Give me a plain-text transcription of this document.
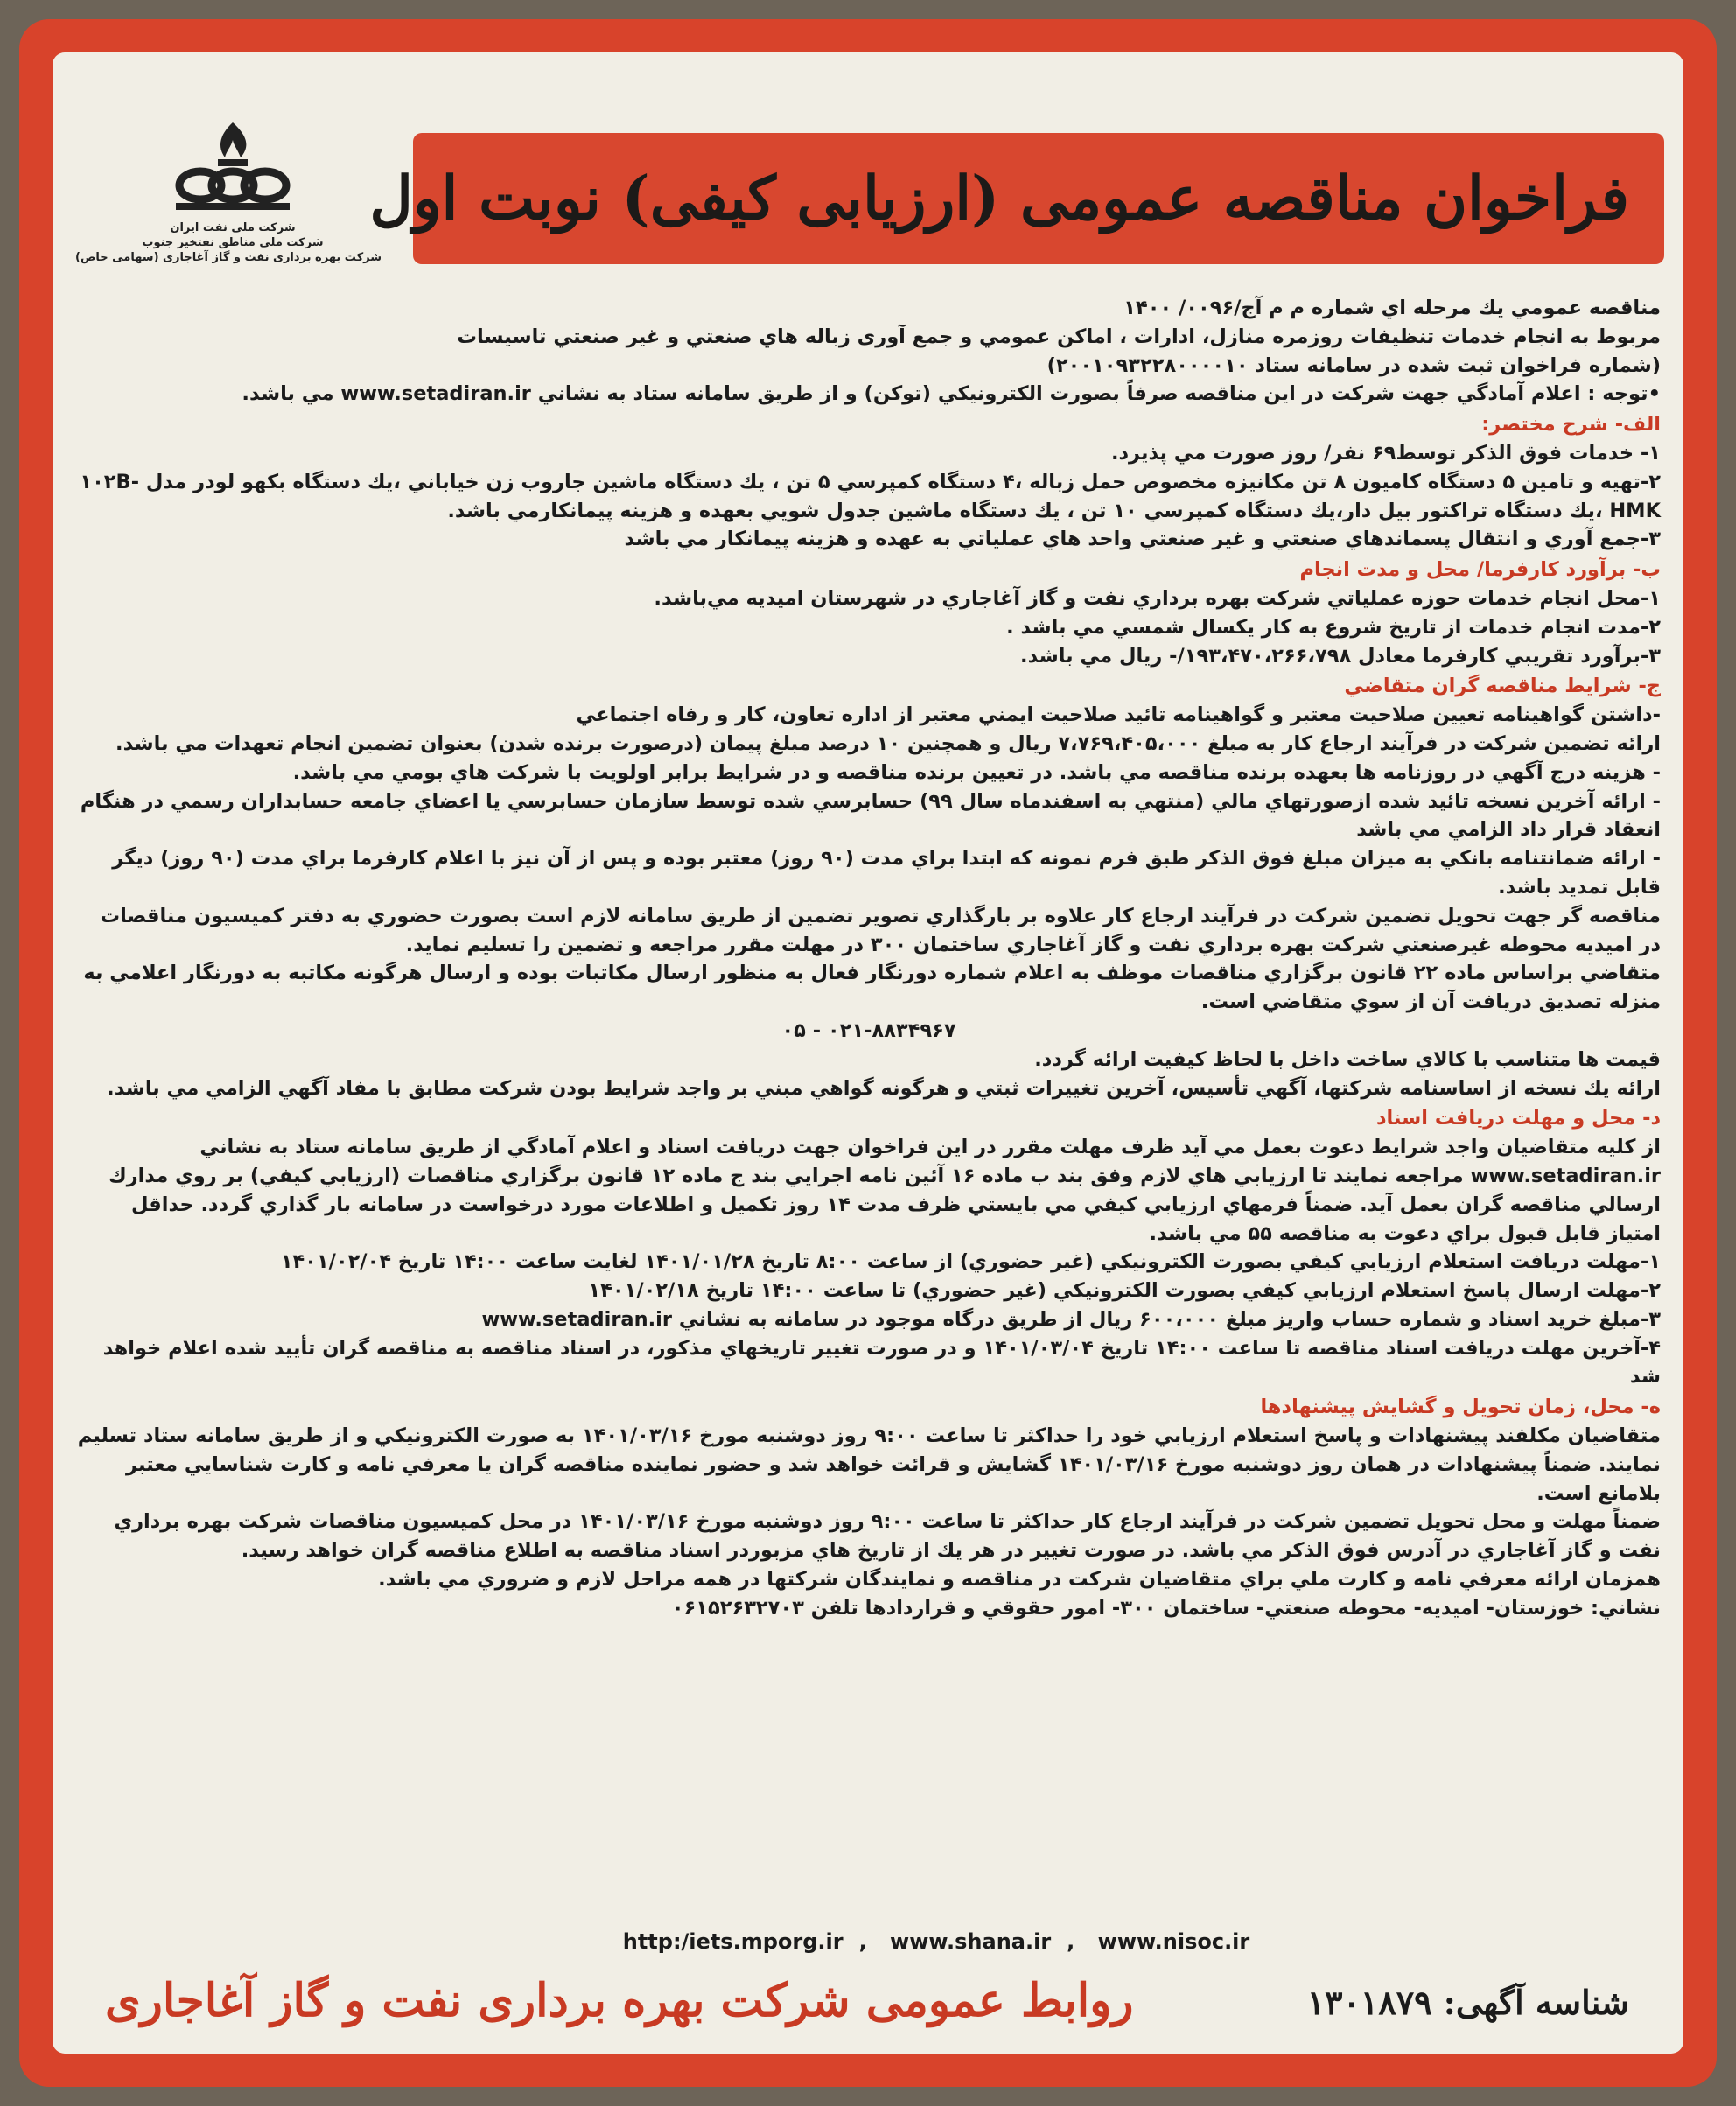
شرکت ملی نفت ایران
شرکت ملی مناطق نفتخیز جنوب
شرکت بهره برداری نفت و گاز آغاجاری (سهامی خاص)
فراخوان مناقصه عمومی (ارزیابی کیفی) نوبت اول

مناقصه عمومي يك مرحله اي شماره م م آج/۰۰۹۶/ ۱۴۰۰

مربوط به انجام خدمات تنظيفات روزمره منازل، ادارات ، اماكن عمومي و جمع آوری زباله هاي صنعتي و غير صنعتي تاسيسات

(شماره فراخوان ثبت شده در سامانه ستاد ۲۰۰۱۰۹۳۲۲۸۰۰۰۰۱۰)

•توجه : اعلام آمادگي جهت شركت در اين مناقصه صرفاً بصورت الكترونيكي (توكن) و از طريق سامانه ستاد به نشاني www.setadiran.ir مي باشد.

الف- شرح مختصر:

۱- خدمات فوق الذكر توسط۶۹ نفر/ روز صورت مي پذيرد.

۲-تهيه و تامين ۵ دستگاه كاميون ۸ تن مكانيزه مخصوص حمل زباله ،۴ دستگاه كمپرسي ۵ تن ، يك دستگاه ماشين جاروب زن خياباني ،يك دستگاه بكهو لودر مدل ۱۰۲B-HMK ،يك دستگاه تراكتور بيل دار،يك دستگاه كمپرسي ۱۰ تن ، يك دستگاه ماشين جدول شويي بعهده و هزينه پيمانكارمي باشد.

۳-جمع آوري و انتقال پسماندهاي صنعتي و غير صنعتي واحد هاي عملياتي به عهده و هزينه پيمانكار مي باشد

ب- برآورد كارفرما/ محل و مدت انجام

۱-محل انجام خدمات حوزه عملياتي شركت بهره برداري نفت و گاز آغاجاري در شهرستان اميديه مي‌باشد.

۲-مدت انجام خدمات از تاريخ شروع به كار يكسال شمسي مي باشد .

۳-برآورد تقريبي كارفرما معادل ۱۹۳،۴۷۰،۲۶۶،۷۹۸/- ريال مي باشد.

ج- شرايط مناقصه گران متقاضي

-داشتن گواهينامه تعيين صلاحيت معتبر و گواهينامه تائيد صلاحيت ايمني معتبر از اداره تعاون، كار و رفاه اجتماعي

ارائه تضمين شركت در فرآيند ارجاع كار به مبلغ ۷،۷۶۹،۴۰۵،۰۰۰ ريال و همچنين ۱۰ درصد مبلغ پيمان (درصورت برنده شدن) بعنوان تضمين انجام تعهدات مي باشد.

- هزينه درج آگهي در روزنامه ها بعهده برنده مناقصه مي باشد. در تعيين برنده مناقصه و در شرايط برابر اولويت با شركت هاي بومي مي باشد.

- ارائه آخرين نسخه تائيد شده ازصورتهاي مالي (منتهي به اسفندماه سال ۹۹) حسابرسي شده توسط سازمان حسابرسي يا اعضاي جامعه حسابداران رسمي در هنگام انعقاد قرار داد الزامي مي باشد

- ارائه ضمانتنامه بانكي به ميزان مبلغ فوق الذكر طبق فرم نمونه كه ابتدا براي مدت (۹۰ روز) معتبر بوده و پس از آن نيز با اعلام كارفرما براي مدت (۹۰ روز) ديگر قابل تمديد باشد.

مناقصه گر جهت تحويل تضمين شركت در فرآيند ارجاع كار علاوه بر بارگذاري تصوير تضمين از طريق سامانه لازم است بصورت حضوري به دفتر كميسيون مناقصات در اميديه محوطه غيرصنعتي شركت بهره برداري نفت و گاز آغاجاري ساختمان ۳۰۰ در مهلت مقرر مراجعه و تضمين را تسليم نمايد.

متقاضي براساس ماده ۲۲ قانون برگزاري مناقصات موظف به اعلام شماره دورنگار فعال به منظور ارسال مكاتبات بوده و ارسال هرگونه مكاتبه به دورنگار اعلامي به منزله تصديق دريافت آن از سوي متقاضي است.

۰۵ - ۰۲۱-۸۸۳۴۹۶۷

قيمت ها متناسب با كالاي ساخت داخل با لحاظ كيفيت ارائه گردد.

ارائه يك نسخه از اساسنامه شركتها، آگهي تأسيس، آخرين تغييرات ثبتي و هرگونه گواهي مبني بر واجد شرايط بودن شركت مطابق با مفاد آگهي الزامي مي باشد.

د- محل و مهلت دريافت اسناد

از كليه متقاضيان واجد شرايط دعوت بعمل مي آيد ظرف مهلت مقرر در اين فراخوان جهت دريافت اسناد و اعلام آمادگي از طريق سامانه ستاد به نشاني www.setadiran.ir مراجعه نمايند تا ارزيابي هاي لازم وفق بند ب ماده ۱۶ آئين نامه اجرايي بند ج ماده ۱۲ قانون برگزاري مناقصات (ارزيابي كيفي) بر روي مدارك ارسالي مناقصه گران بعمل آيد. ضمناً فرمهاي ارزيابي كيفي مي بايستي ظرف مدت ۱۴ روز تكميل و اطلاعات مورد درخواست در سامانه بار گذاري گردد. حداقل امتياز قابل قبول براي دعوت به مناقصه ۵۵ مي باشد.

۱-مهلت دريافت استعلام ارزيابي كيفي بصورت الكترونيكي (غير حضوري) از ساعت ۸:۰۰ تاريخ ۱۴۰۱/۰۱/۲۸ لغايت ساعت ۱۴:۰۰ تاريخ ۱۴۰۱/۰۲/۰۴

۲-مهلت ارسال پاسخ استعلام ارزيابي كيفي بصورت الكترونيكي (غير حضوري) تا ساعت ۱۴:۰۰ تاريخ ۱۴۰۱/۰۲/۱۸

۳-مبلغ خريد اسناد و شماره حساب واريز مبلغ ۶۰۰،۰۰۰ ريال از طريق درگاه موجود در سامانه به نشاني www.setadiran.ir

۴-آخرين مهلت دريافت اسناد مناقصه تا ساعت ۱۴:۰۰ تاريخ ۱۴۰۱/۰۳/۰۴ و در صورت تغيير تاريخهاي مذكور، در اسناد مناقصه به مناقصه گران تأييد شده اعلام خواهد شد

ه- محل، زمان تحويل و گشايش پيشنهادها

متقاضيان مكلفند پيشنهادات و پاسخ استعلام ارزيابي خود را حداكثر تا ساعت ۹:۰۰ روز دوشنبه مورخ ۱۴۰۱/۰۳/۱۶ به صورت الكترونيكي و از طريق سامانه ستاد تسليم نمايند. ضمناً پيشنهادات در همان روز دوشنبه مورخ ۱۴۰۱/۰۳/۱۶ گشايش و قرائت خواهد شد و حضور نماينده مناقصه گران يا معرفي نامه و كارت شناسايي معتبر بلامانع است.

ضمناً مهلت و محل تحويل تضمين شركت در فرآيند ارجاع كار حداكثر تا ساعت ۹:۰۰ روز دوشنبه مورخ ۱۴۰۱/۰۳/۱۶ در محل كميسيون مناقصات شركت بهره برداري نفت و گاز آغاجاري در آدرس فوق الذكر مي باشد. در صورت تغيير در هر يك از تاريخ هاي مزبوردر اسناد مناقصه به اطلاع مناقصه گران خواهد رسيد.

همزمان ارائه معرفي نامه و كارت ملي براي متقاضيان شركت در مناقصه و نمايندگان شركتها در همه مراحل لازم و ضروري مي باشد.

نشاني: خوزستان- اميديه- محوطه صنعتي- ساختمان ۳۰۰- امور حقوقي و قراردادها تلفن ۰۶۱۵۲۶۳۲۷۰۳

http:/iets.mporg.ir , www.shana.ir , www.nisoc.ir
شناسه آگهی: ۱۳۰۱۸۷۹
روابط عمومی شرکت بهره برداری نفت و گاز آغاجاری
